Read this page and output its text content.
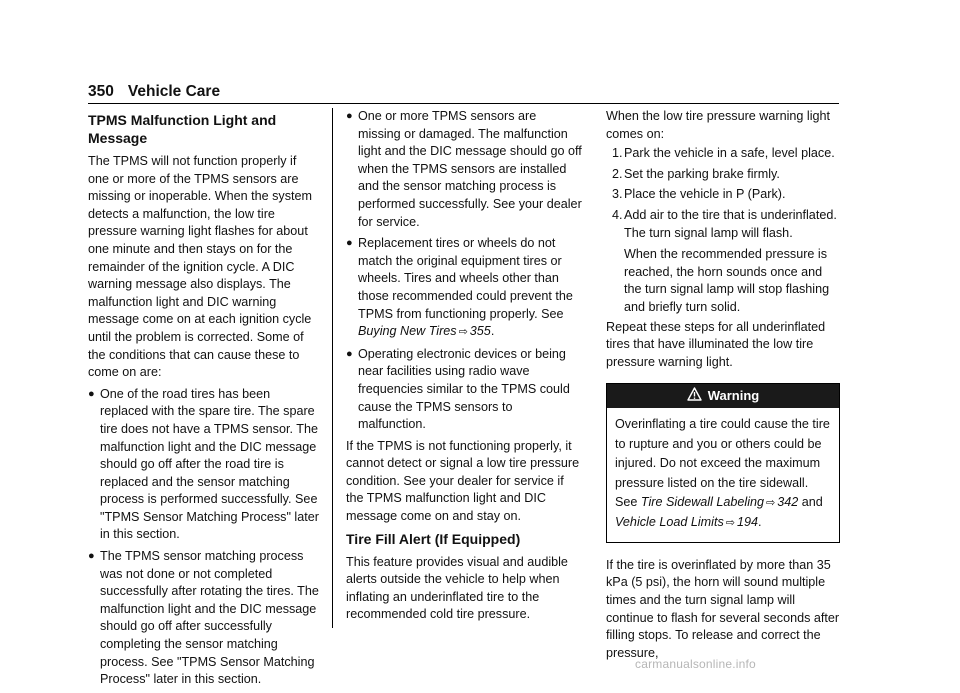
350 Vehicle Care
TPMS Malfunction Light and Message

The TPMS will not function properly if one or more of the TPMS sensors are missing or inoperable. When the system detects a malfunction, the low tire pressure warning light flashes for about one minute and then stays on for the remainder of the ignition cycle. A DIC warning message also displays. The malfunction light and DIC warning message come on at each ignition cycle until the problem is corrected. Some of the conditions that can cause these to come on are:

● One of the road tires has been replaced with the spare tire. The spare tire does not have a TPMS sensor. The malfunction light and the DIC message should go off after the road tire is replaced and the sensor matching process is performed successfully. See "TPMS Sensor Matching Process" later in this section.
● The TPMS sensor matching process was not done or not completed successfully after rotating the tires. The malfunction light and the DIC message should go off after successfully completing the sensor matching process. See "TPMS Sensor Matching Process" later in this section.
● One or more TPMS sensors are missing or damaged. The malfunction light and the DIC message should go off when the TPMS sensors are installed and the sensor matching process is performed successfully. See your dealer for service.
● Replacement tires or wheels do not match the original equipment tires or wheels. Tires and wheels other than those recommended could prevent the TPMS from functioning properly. See Buying New Tires ⇨ 355.
● Operating electronic devices or being near facilities using radio wave frequencies similar to the TPMS could cause the TPMS sensors to malfunction.

If the TPMS is not functioning properly, it cannot detect or signal a low tire pressure condition. See your dealer for service if the TPMS malfunction light and DIC message come on and stay on.

Tire Fill Alert (If Equipped)

This feature provides visual and audible alerts outside the vehicle to help when inflating an underinflated tire to the recommended cold tire pressure.

When the low tire pressure warning light comes on:

1. Park the vehicle in a safe, level place.
2. Set the parking brake firmly.
3. Place the vehicle in P (Park).
4. Add air to the tire that is underinflated. The turn signal lamp will flash.

When the recommended pressure is reached, the horn sounds once and the turn signal lamp will stop flashing and briefly turn solid.

Repeat these steps for all underinflated tires that have illuminated the low tire pressure warning light.

Warning
Overinflating a tire could cause the tire to rupture and you or others could be injured. Do not exceed the maximum pressure listed on the tire sidewall. See Tire Sidewall Labeling ⇨ 342 and
Vehicle Load Limits ⇨ 194.

If the tire is overinflated by more than 35 kPa (5 psi), the horn will sound multiple times and the turn signal lamp will continue to flash for several seconds after filling stops. To release and correct the pressure,

carmanualsonline.info
